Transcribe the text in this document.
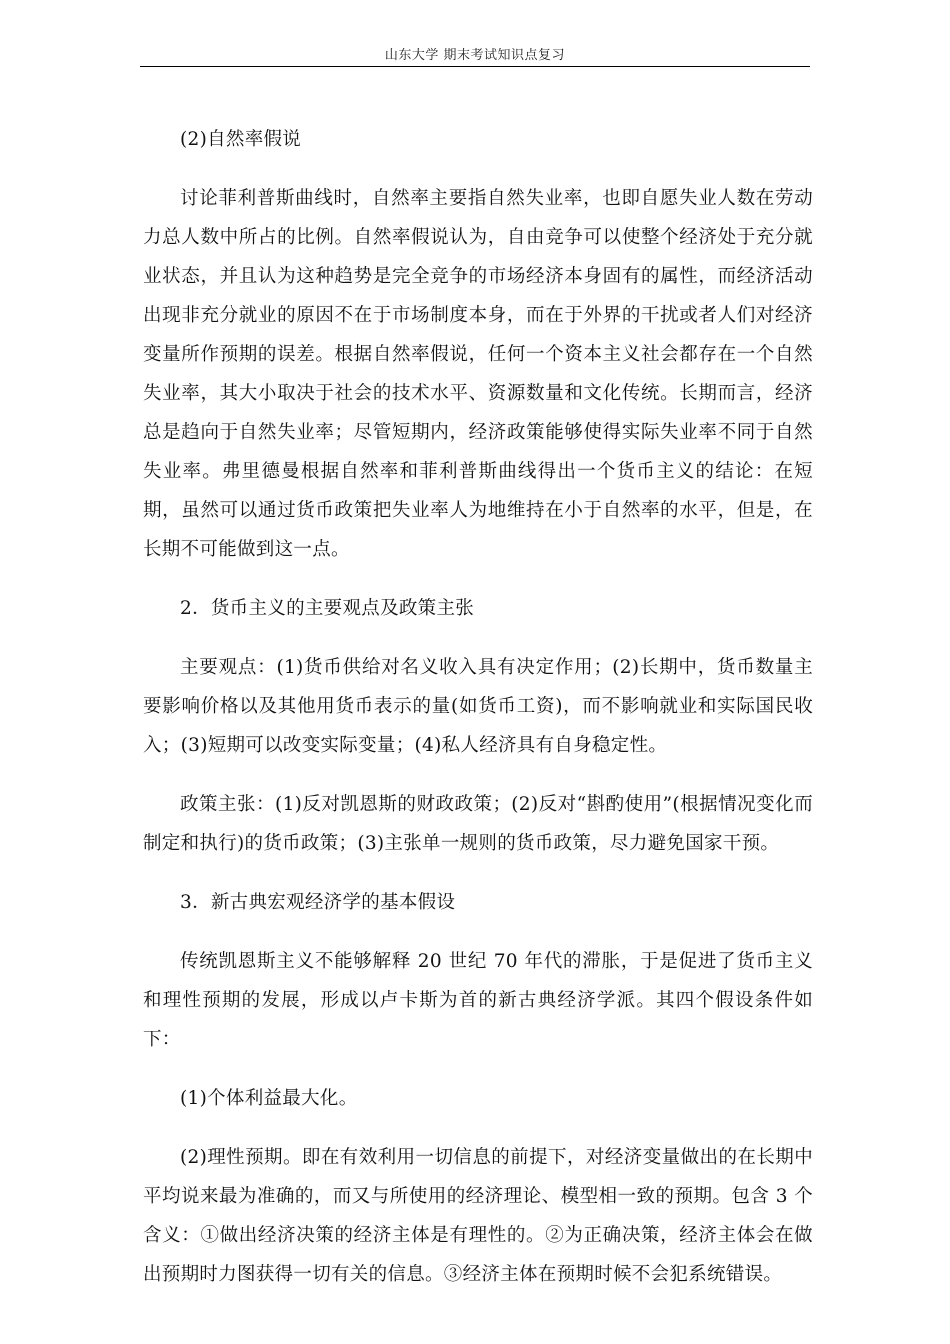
山东大学 期末考试知识点复习

(2)自然率假说

讨论菲利普斯曲线时，自然率主要指自然失业率，也即自愿失业人数在劳动力总人数中所占的比例。自然率假说认为，自由竞争可以使整个经济处于充分就业状态，并且认为这种趋势是完全竞争的市场经济本身固有的属性，而经济活动出现非充分就业的原因不在于市场制度本身，而在于外界的干扰或者人们对经济变量所作预期的误差。根据自然率假说，任何一个资本主义社会都存在一个自然失业率，其大小取决于社会的技术水平、资源数量和文化传统。长期而言，经济总是趋向于自然失业率；尽管短期内，经济政策能够使得实际失业率不同于自然失业率。弗里德曼根据自然率和菲利普斯曲线得出一个货币主义的结论：在短期，虽然可以通过货币政策把失业率人为地维持在小于自然率的水平，但是，在长期不可能做到这一点。

2．货币主义的主要观点及政策主张

主要观点：(1)货币供给对名义收入具有决定作用；(2)长期中，货币数量主要影响价格以及其他用货币表示的量(如货币工资)，而不影响就业和实际国民收入；(3)短期可以改变实际变量；(4)私人经济具有自身稳定性。

政策主张：(1)反对凯恩斯的财政政策；(2)反对“斟酌使用”(根据情况变化而制定和执行)的货币政策；(3)主张单一规则的货币政策，尽力避免国家干预。

3．新古典宏观经济学的基本假设

传统凯恩斯主义不能够解释 20 世纪 70 年代的滞胀，于是促进了货币主义和理性预期的发展，形成以卢卡斯为首的新古典经济学派。其四个假设条件如下：

(1)个体利益最大化。

(2)理性预期。即在有效利用一切信息的前提下，对经济变量做出的在长期中平均说来最为准确的，而又与所使用的经济理论、模型相一致的预期。包含 3 个含义：①做出经济决策的经济主体是有理性的。②为正确决策，经济主体会在做出预期时力图获得一切有关的信息。③经济主体在预期时候不会犯系统错误。
